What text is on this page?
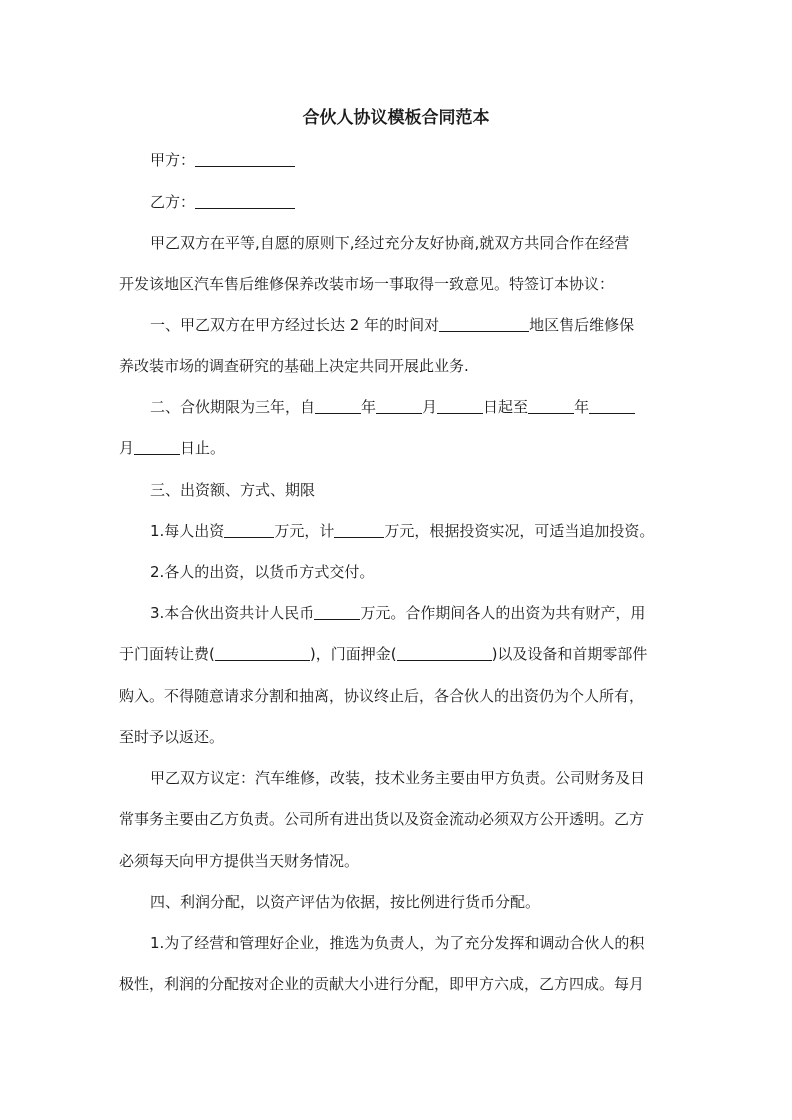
合伙人协议模板合同范本
甲方：
乙方：
甲乙双方在平等,自愿的原则下,经过充分友好协商,就双方共同合作在经营
开发该地区汽车售后维修保养改装市场一事取得一致意见。特签订本协议：
一、甲乙双方在甲方经过长达 2 年的时间对	地区售后维修保
养改装市场的调查研究的基础上决定共同开展此业务.
二、合伙期限为三年，自	年	月	日起至	年
月	日止。
三、出资额、方式、期限
1.每人出资	万元，计	万元，根据投资实况，可适当追加投资。
2.各人的出资，以货币方式交付。
3.本合伙出资共计人民币	万元。合作期间各人的出资为共有财产，用
于门面转让费(	)，门面押金(	)以及设备和首期零部件
购入。不得随意请求分割和抽离，协议终止后，各合伙人的出资仍为个人所有，
至时予以返还。
甲乙双方议定：汽车维修，改装，技术业务主要由甲方负责。公司财务及日
常事务主要由乙方负责。公司所有进出货以及资金流动必须双方公开透明。乙方
必须每天向甲方提供当天财务情况。
四、利润分配，以资产评估为依据，按比例进行货币分配。
1.为了经营和管理好企业，推选为负责人，为了充分发挥和调动合伙人的积
极性，利润的分配按对企业的贡献大小进行分配，即甲方六成，乙方四成。每月
